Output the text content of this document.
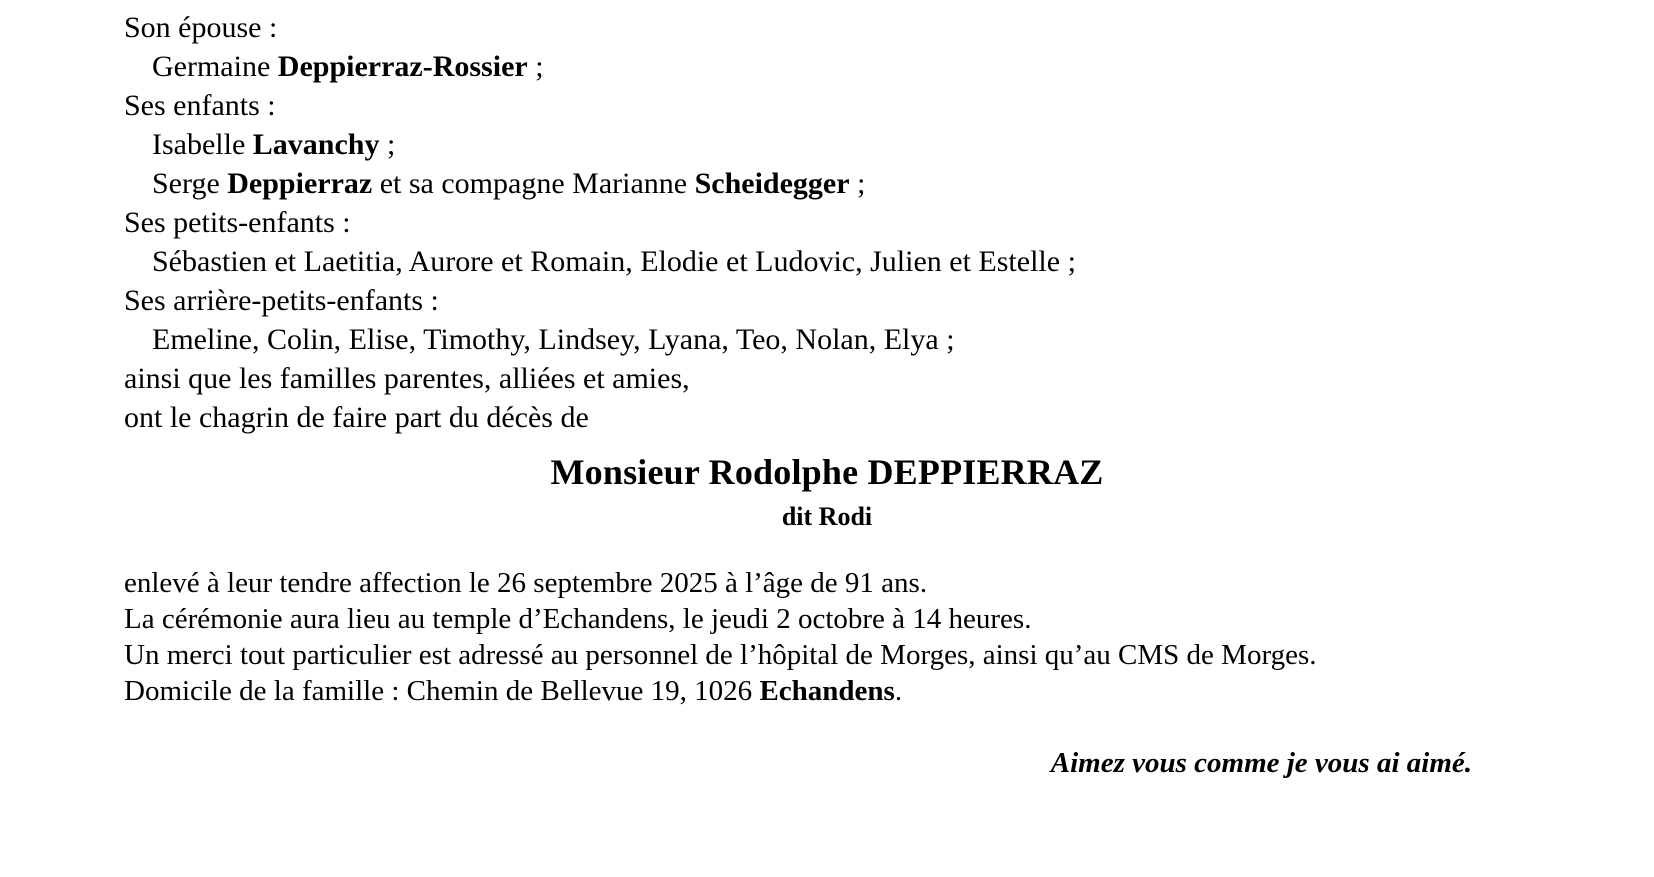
Son épouse :
Germaine Deppierraz-Rossier ;
Ses enfants :
Isabelle Lavanchy ;
Serge Deppierraz et sa compagne Marianne Scheidegger ;
Ses petits-enfants :
Sébastien et Laetitia, Aurore et Romain, Elodie et Ludovic, Julien et Estelle ;
Ses arrière-petits-enfants :
Emeline, Colin, Elise, Timothy, Lindsey, Lyana, Teo, Nolan, Elya ;
ainsi que les familles parentes, alliées et amies,
ont le chagrin de faire part du décès de
Monsieur Rodolphe DEPPIERRAZ
dit Rodi
enlevé à leur tendre affection le 26 septembre 2025 à l’âge de 91 ans.
La cérémonie aura lieu au temple d’Echandens, le jeudi 2 octobre à 14 heures.
Un merci tout particulier est adressé au personnel de l’hôpital de Morges, ainsi qu’au CMS de Morges.
Domicile de la famille : Chemin de Bellevue 19, 1026 Echandens.
Aimez vous comme je vous ai aimé.
